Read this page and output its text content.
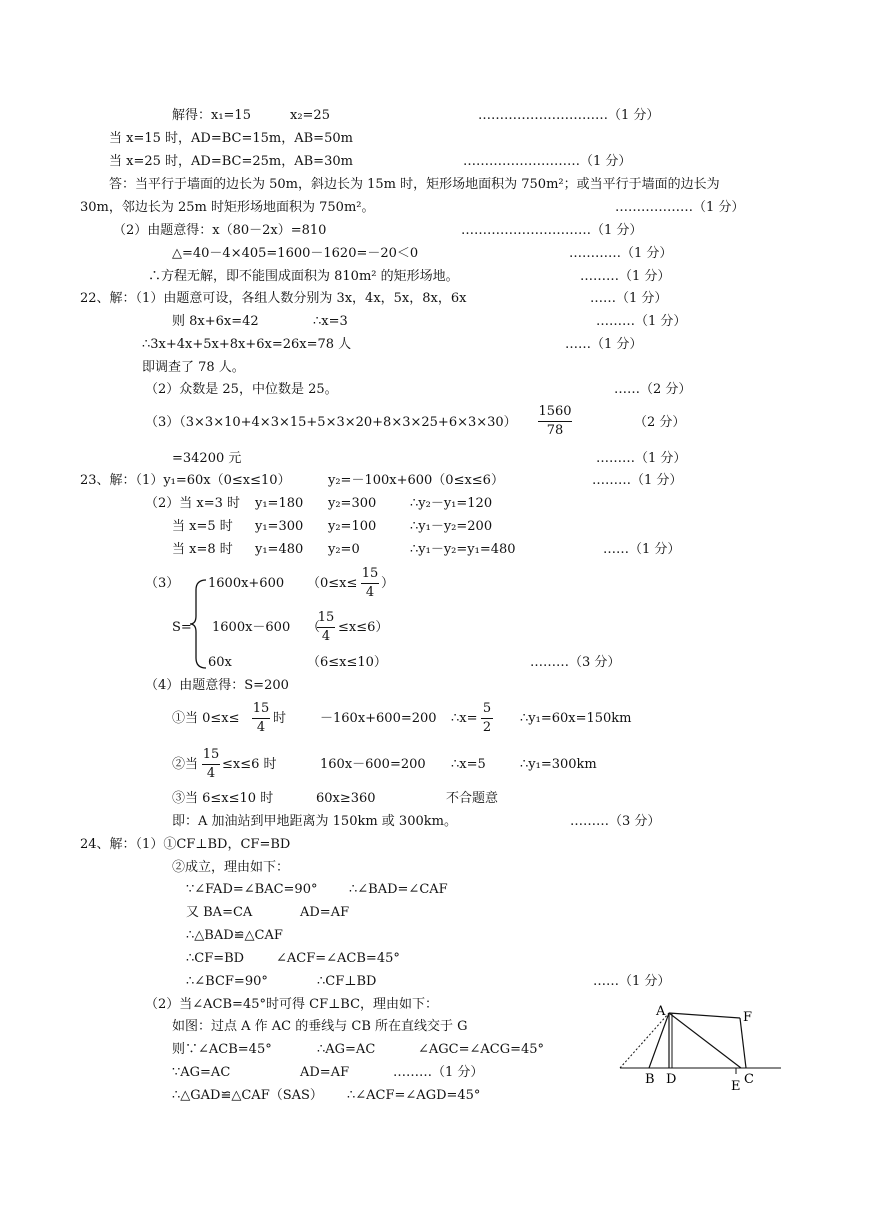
解得：x₁=15	x₂=25	…………………………（1 分）
当 x=15 时，AD=BC=15m，AB=50m
当 x=25 时，AD=BC=25m，AB=30m	………………………（1 分）
答：当平行于墙面的边长为 50m，斜边长为 15m 时，矩形场地面积为 750m²；或当平行于墙面的边长为
30m，邻边长为 25m 时矩形场地面积为 750m²。	………………（1 分）
（2）由题意得：x（80－2x）=810	…………………………（1 分）
△=40－4×405=1600－1620=－20＜0	…………（1 分）
∴方程无解，即不能围成面积为 810m² 的矩形场地。	………（1 分）
22、解：（1）由题意可设，各组人数分别为 3x，4x，5x，8x，6x	……（1 分）
则 8x+6x=42	∴x=3	………（1 分）
∴3x+4x+5x+8x+6x=26x=78 人	……（1 分）
即调查了 78 人。
（2）众数是 25，中位数是 25。	……（2 分）
（3）（3×3×10+4×3×15+5×3×20+8×3×25+6×3×30）
1560
78
（2 分）
=34200 元	………（1 分）
23、解：（1）y₁=60x（0≤x≤10）	y₂=－100x+600（0≤x≤6）	………（1 分）
（2）当 x=3 时 y₁=180 y₂=300	∴y₂－y₁=120
当 x=5 时 y₁=300 y₂=100	∴y₁－y₂=200
当 x=8 时 y₁=480 y₂=0	∴y₁－y₂=y₁=480	……（1 分）
（3）
S=
1600x+600 （0≤x≤
15
4
）
1600x－600 （
15
4
≤x≤6）
60x	（6≤x≤10）	………（3 分）
（4）由题意得：S=200
①当 0≤x≤
15
4
时	－160x+600=200 ∴x=
5
2
∴y₁=60x=150km
②当
15
4
≤x≤6 时	160x－600=200 ∴x=5	∴y₁=300km
③当 6≤x≤10 时	60x≥360	不合题意
即：A 加油站到甲地距离为 150km 或 300km。	………（3 分）
24、解：（1）①CF⊥BD，CF=BD
②成立，理由如下：
∵∠FAD=∠BAC=90° ∴∠BAD=∠CAF
又 BA=CA	AD=AF
∴△BAD≌△CAF
∴CF=BD ∠ACF=∠ACB=45°
∴∠BCF=90°	∴CF⊥BD	……（1 分）
（2）当∠ACB=45°时可得 CF⊥BC，理由如下：
如图：过点 A 作 AC 的垂线与 CB 所在直线交于 G
则∵∠ACB=45°	∴AG=AC	∠AGC=∠ACG=45°
∵AG=AC	AD=AF	………（1 分）
∴△GAD≌△CAF（SAS） ∴∠ACF=∠AGD=45°
A	F
B D	E C
